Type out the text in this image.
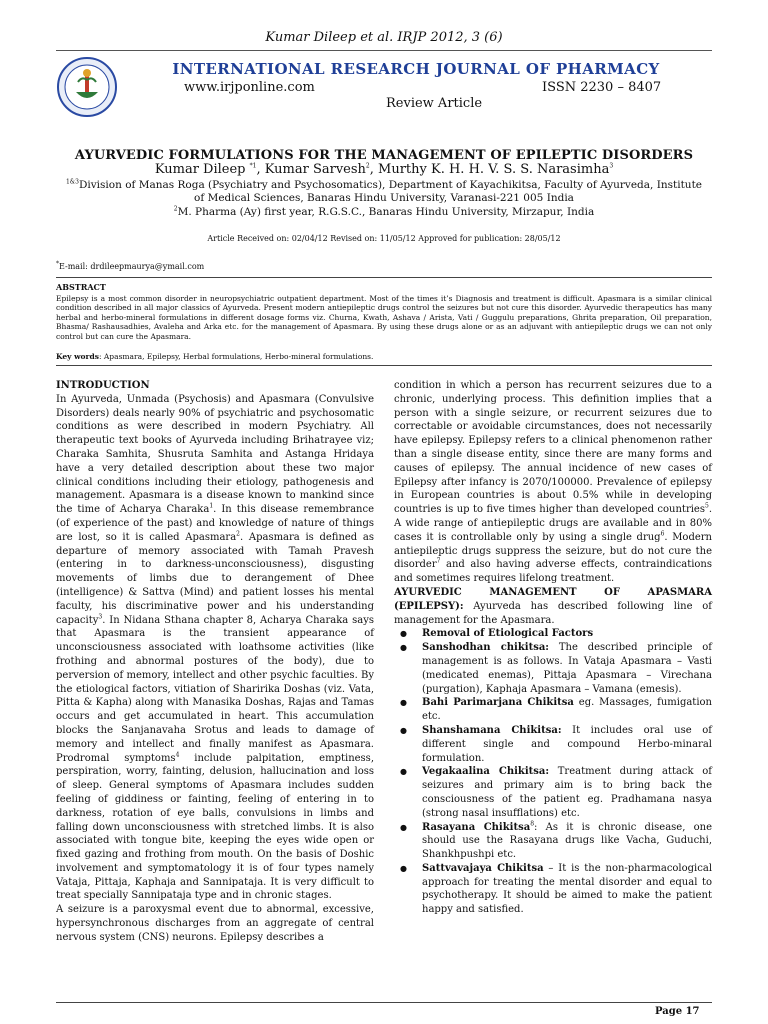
Kumar Dileep et al. IRJP 2012, 3 (6)
INTERNATIONAL RESEARCH JOURNAL OF PHARMACY
www.irjponline.com	ISSN 2230 – 8407
Review Article
AYURVEDIC FORMULATIONS FOR THE MANAGEMENT OF EPILEPTIC DISORDERS
Kumar Dileep $^{*1}$, Kumar Sarvesh$^2$, Murthy K. H. H. V. S. S. Narasimha$^3$
$^{1\&3}$Division of Manas Roga (Psychiatry and Psychosomatics), Department of Kayachikitsa, Faculty of Ayurveda, Institute of Medical Sciences, Banaras Hindu University, Varanasi-221 005 India
$^2$M. Pharma (Ay) first year, R.G.S.C., Banaras Hindu University, Mirzapur, India
Article Received on: 02/04/12 Revised on: 11/05/12 Approved for publication: 28/05/12
*E-mail: drdileepmaurya@ymail.com
ABSTRACT
Epilepsy is a most common disorder in neuropsychiatric outpatient department. Most of the times it’s Diagnosis and treatment is difficult. Apasmara is a similar clinical condition described in all major classics of Ayurveda. Present modern antiepileptic drugs control the seizures but not cure this disorder. Ayurvedic therapeutics has many herbal and herbo-mineral formulations in different dosage forms viz. Churna, Kwath, Ashava / Arista, Vati / Guggulu preparations, Ghrita preparation, Oil preparation, Bhasma/ Rashausadhies, Avaleha and Arka etc. for the management of Apasmara. By using these drugs alone or as an adjuvant with antiepileptic drugs we can not only control but can cure the Apasmara.
Key words: Apasmara, Epilepsy, Herbal formulations, Herbo-mineral formulations.

INTRODUCTION

In Ayurveda, Unmada (Psychosis) and Apasmara (Convulsive Disorders) deals nearly 90% of psychiatric and psychosomatic conditions as were described in modern Psychiatry. All therapeutic text books of Ayurveda including Brihatrayee viz; Charaka Samhita, Shusruta Samhita and Astanga Hridaya have a very detailed description about these two major clinical conditions including their etiology, pathogenesis and management. Apasmara is a disease known to mankind since the time of Acharya Charaka$^1$. In this disease remembrance (of experience of the past) and knowledge of nature of things are lost, so it is called Apasmara$^2$. Apasmara is defined as departure of memory associated with Tamah Pravesh (entering in to darkness-unconsciousness), disgusting movements of limbs due to derangement of Dhee (intelligence) & Sattva (Mind) and patient losses his mental faculty, his discriminative power and his understanding capacity$^3$. In Nidana Sthana chapter 8, Acharya Charaka says that Apasmara is the transient appearance of unconsciousness associated with loathsome activities (like frothing and abnormal postures of the body), due to perversion of memory, intellect and other psychic faculties. By the etiological factors, vitiation of Sharirika Doshas (viz. Vata, Pitta & Kapha) along with Manasika Doshas, Rajas and Tamas occurs and get accumulated in heart. This accumulation blocks the Sanjanavaha Srotus and leads to damage of memory and intellect and finally manifest as Apasmara. Prodromal symptoms$^4$ include palpitation, emptiness, perspiration, worry, fainting, delusion, hallucination and loss of sleep. General symptoms of Apasmara includes sudden feeling of giddiness or fainting, feeling of entering in to darkness, rotation of eye balls, convulsions in limbs and falling down unconsciousness with stretched limbs. It is also associated with tongue bite, keeping the eyes wide open or fixed gazing and frothing from mouth. On the basis of Doshic involvement and symptomatology it is of four types namely Vataja, Pittaja, Kaphaja and Sannipataja. It is very difficult to treat specially Sannipataja type and in chronic stages.

A seizure is a paroxysmal event due to abnormal, excessive, hypersynchronous discharges from an aggregate of central nervous system (CNS) neurons. Epilepsy describes a

condition in which a person has recurrent seizures due to a chronic, underlying process. This definition implies that a person with a single seizure, or recurrent seizures due to correctable or avoidable circumstances, does not necessarily have epilepsy. Epilepsy refers to a clinical phenomenon rather than a single disease entity, since there are many forms and causes of epilepsy. The annual incidence of new cases of Epilepsy after infancy is 2070/100000. Prevalence of epilepsy in European countries is about 0.5% while in developing countries is up to five times higher than developed countries$^5$. A wide range of antiepileptic drugs are available and in 80% cases it is controllable only by using a single drug$^6$. Modern antiepileptic drugs suppress the seizure, but do not cure the disorder$^7$ and also having adverse effects, contraindications and sometimes requires lifelong treatment.

AYURVEDIC MANAGEMENT OF APASMARA (EPILEPSY): Ayurveda has described following line of management for the Apasmara.

● Removal of Etiological Factors
● Sanshodhan chikitsa: The described principle of management is as follows. In Vataja Apasmara – Vasti (medicated enemas), Pittaja Apasmara – Virechana (purgation), Kaphaja Apasmara – Vamana (emesis).
● Bahi Parimarjana Chikitsa eg. Massages, fumigation etc.
● Shanshamana Chikitsa: It includes oral use of different single and compound Herbo-minaral formulation.
● Vegakaalina Chikitsa: Treatment during attack of seizures and primary aim is to bring back the consciousness of the patient eg. Pradhamana nasya (strong nasal insufflations) etc.
● Rasayana Chikitsa$^8$: As it is chronic disease, one should use the Rasayana drugs like Vacha, Guduchi, Shankhpushpi etc.
● Sattvavajaya Chikitsa – It is the non-pharmacological approach for treating the mental disorder and equal to psychotherapy. It should be aimed to make the patient happy and satisfied.
Page 17
